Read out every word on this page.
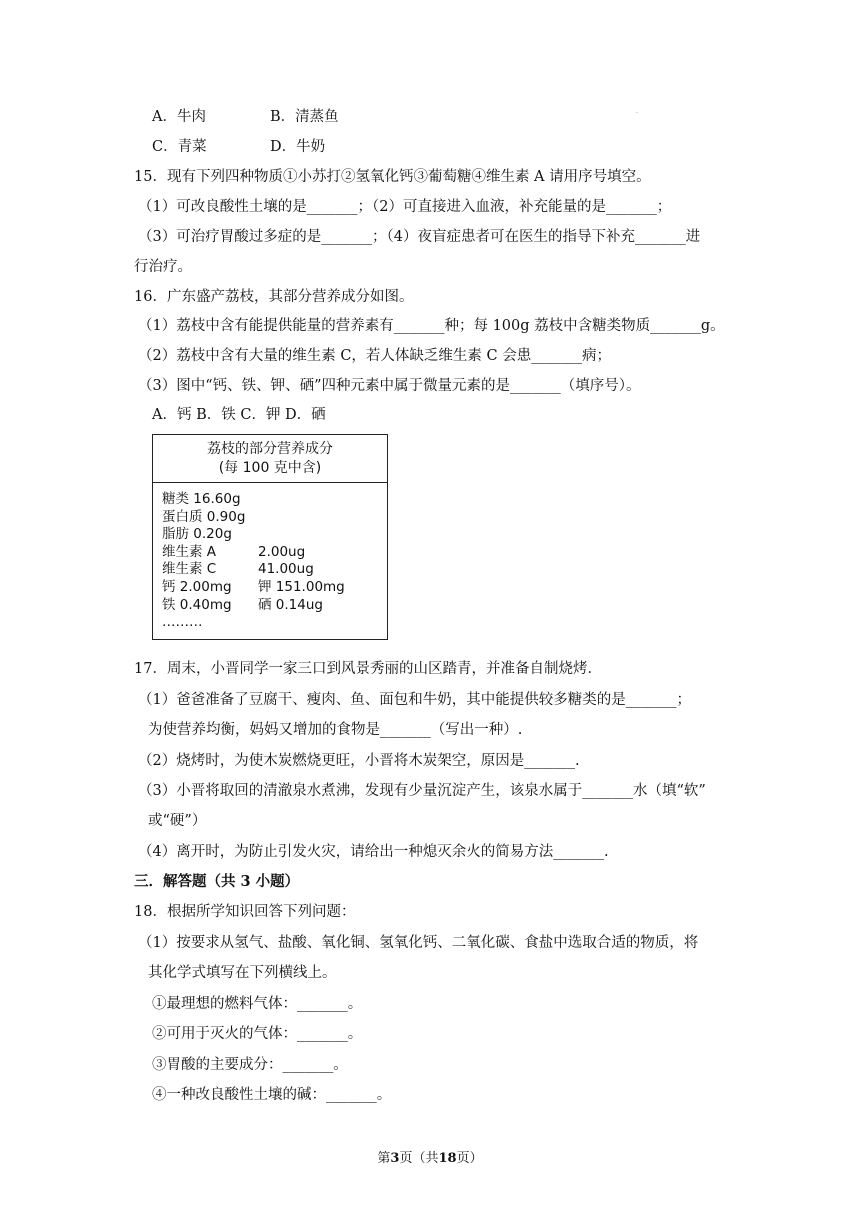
·
A．牛肉	B．清蒸鱼
C．青菜	D．牛奶
15．现有下列四种物质①小苏打②氢氧化钙③葡萄糖④维生素 A 请用序号填空。
（1）可改良酸性土壤的是_______；（2）可直接进入血液，补充能量的是_______；
（3）可治疗胃酸过多症的是_______；（4）夜盲症患者可在医生的指导下补充_______进
行治疗。
16．广东盛产荔枝，其部分营养成分如图。
（1）荔枝中含有能提供能量的营养素有_______种；每 100g 荔枝中含糖类物质_______g。
（2）荔枝中含有大量的维生素 C，若人体缺乏维生素 C 会患_______病；
（3）图中“钙、铁、钾、硒”四种元素中属于微量元素的是_______（填序号）。
A．钙 B．铁 C．钾 D．硒
荔枝的部分营养成分
(每 100 克中含)
糖类 16.60g
蛋白质 0.90g
脂肪 0.20g
维生素 A	2.00ug
维生素 C	41.00ug
钙 2.00mg 钾 151.00mg
铁 0.40mg 硒 0.14ug
………
17．周末，小晋同学一家三口到风景秀丽的山区踏青，并准备自制烧烤．
（1）爸爸准备了豆腐干、瘦肉、鱼、面包和牛奶，其中能提供较多糖类的是_______；
为使营养均衡，妈妈又增加的食物是_______（写出一种）.
（2）烧烤时，为使木炭燃烧更旺，小晋将木炭架空，原因是_______.
（3）小晋将取回的清澈泉水煮沸，发现有少量沉淀产生，该泉水属于_______水（填“软”
或“硬”）
（4）离开时，为防止引发火灾，请给出一种熄灭余火的简易方法_______.
三．解答题（共 3 小题）
18．根据所学知识回答下列问题：
（1）按要求从氢气、盐酸、氧化铜、氢氧化钙、二氧化碳、食盐中选取合适的物质，将
其化学式填写在下列横线上。
①最理想的燃料气体：_______。
②可用于灭火的气体：_______。
③胃酸的主要成分：_______。
④一种改良酸性土壤的碱：_______。
第3页（共18页）
